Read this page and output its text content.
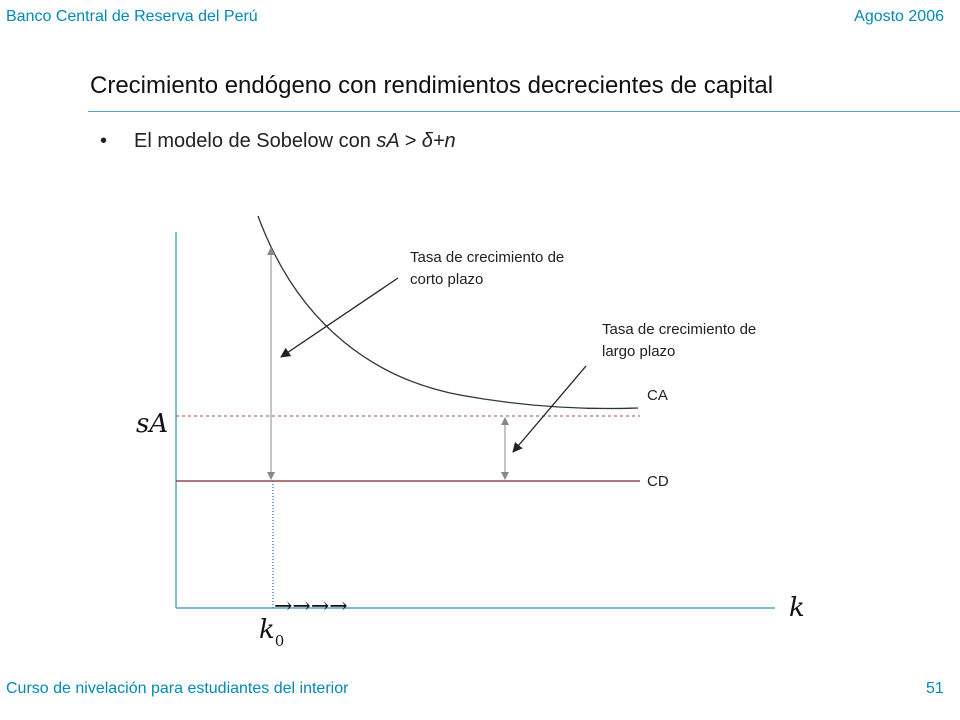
Banco Central de Reserva del Perú	Agosto 2006
Crecimiento endógeno con rendimientos decrecientes de capital
• El modelo de Sobelow con sA > δ+n
sA
k
$k_0$
→→→→
CA
CD
Tasa de crecimiento de corto plazo
Tasa de crecimiento de largo plazo
Curso de nivelación para estudiantes del interior	51
